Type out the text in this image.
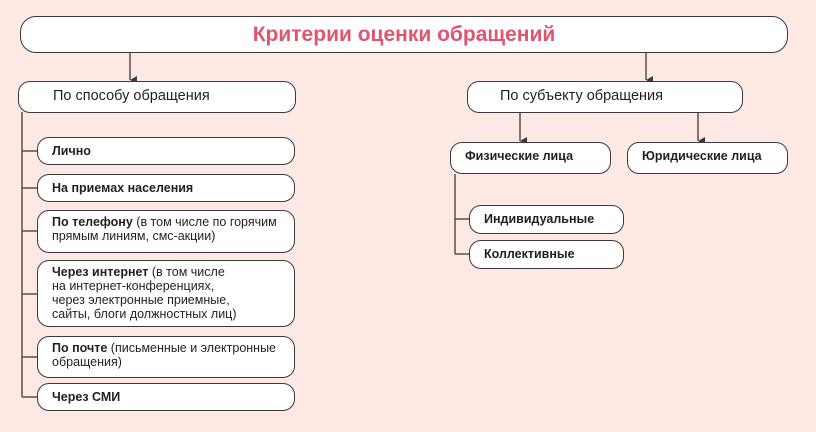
Критерии оценки обращений
По способу обращения
Лично
На приемах населения
По телефону (в том числе по горячим
прямым линиям, смс-акции)
Через интернет (в том числе
на интернет-конференциях,
через электронные приемные,
сайты, блоги должностных лиц)
По почте (письменные и электронные
обращения)
Через СМИ
По субъекту обращения
Физические лица	Юридические лица
Индивидуальные
Коллективные
